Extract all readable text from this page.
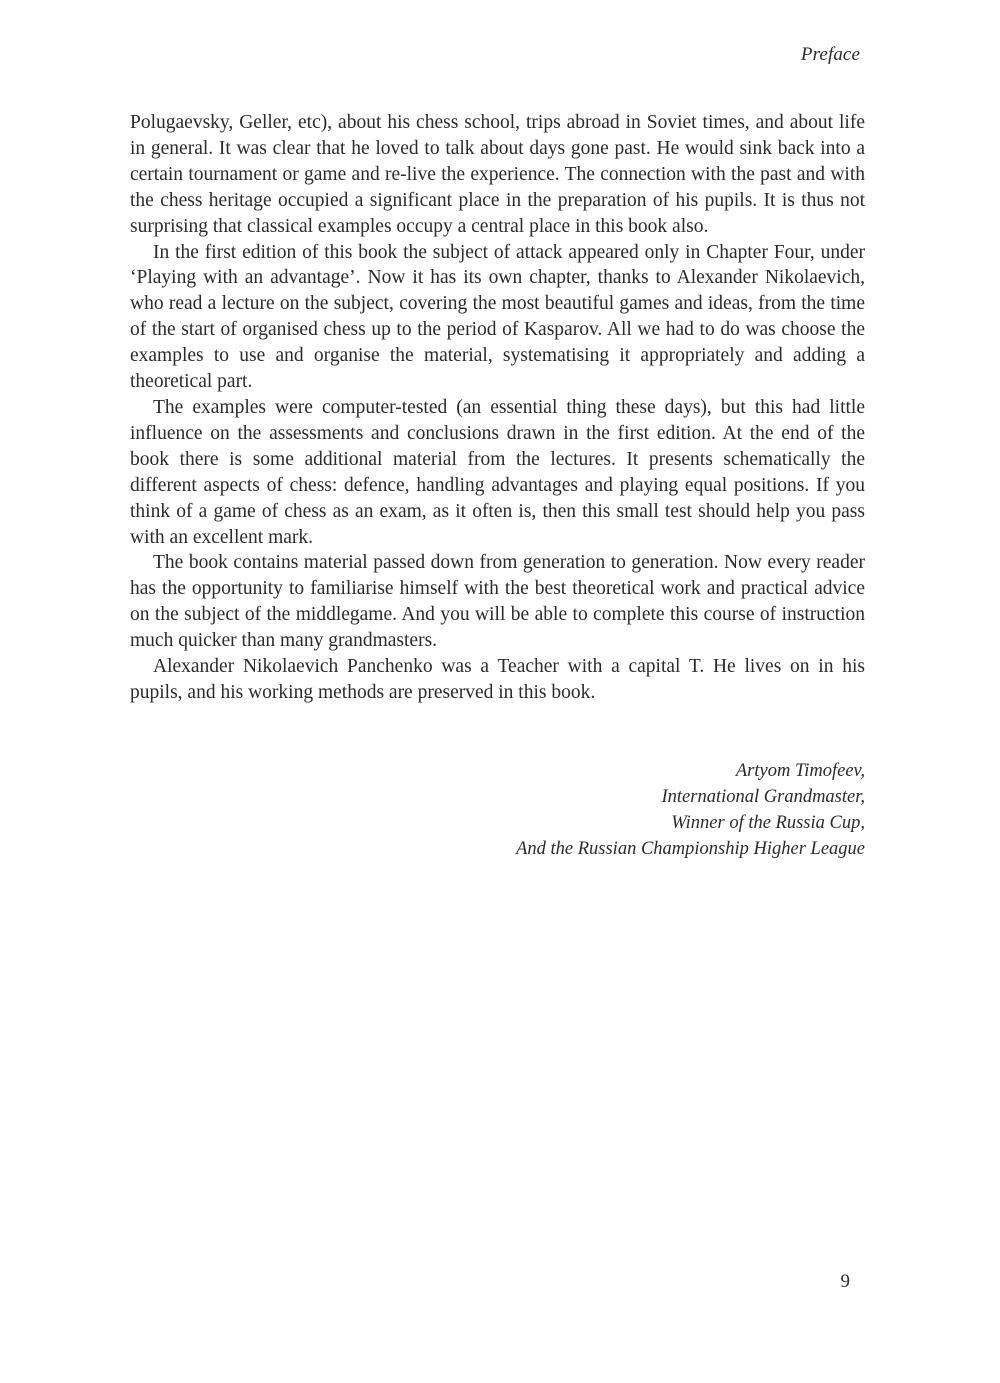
Preface

Polugaevsky, Geller, etc), about his chess school, trips abroad in Soviet times, and about life in general. It was clear that he loved to talk about days gone past. He would sink back into a certain tournament or game and re-live the experience. The connection with the past and with the chess heritage occupied a significant place in the preparation of his pupils. It is thus not surprising that classical examples occupy a central place in this book also.

In the first edition of this book the subject of attack appeared only in Chapter Four, under ‘Playing with an advantage’. Now it has its own chapter, thanks to Alexander Nikolaevich, who read a lecture on the subject, covering the most beautiful games and ideas, from the time of the start of organised chess up to the period of Kasparov. All we had to do was choose the examples to use and organise the material, systematising it appropriately and adding a theoretical part.

The examples were computer-tested (an essential thing these days), but this had little influence on the assessments and conclusions drawn in the first edition. At the end of the book there is some additional material from the lectures. It presents schematically the different aspects of chess: defence, handling advantages and playing equal positions. If you think of a game of chess as an exam, as it often is, then this small test should help you pass with an excellent mark.

The book contains material passed down from generation to generation. Now every reader has the opportunity to familiarise himself with the best theoretical work and practical advice on the subject of the middlegame. And you will be able to complete this course of instruction much quicker than many grandmasters.

Alexander Nikolaevich Panchenko was a Teacher with a capital T. He lives on in his pupils, and his working methods are preserved in this book.

Artyom Timofeev,
International Grandmaster,
Winner of the Russia Cup,
And the Russian Championship Higher League
9
